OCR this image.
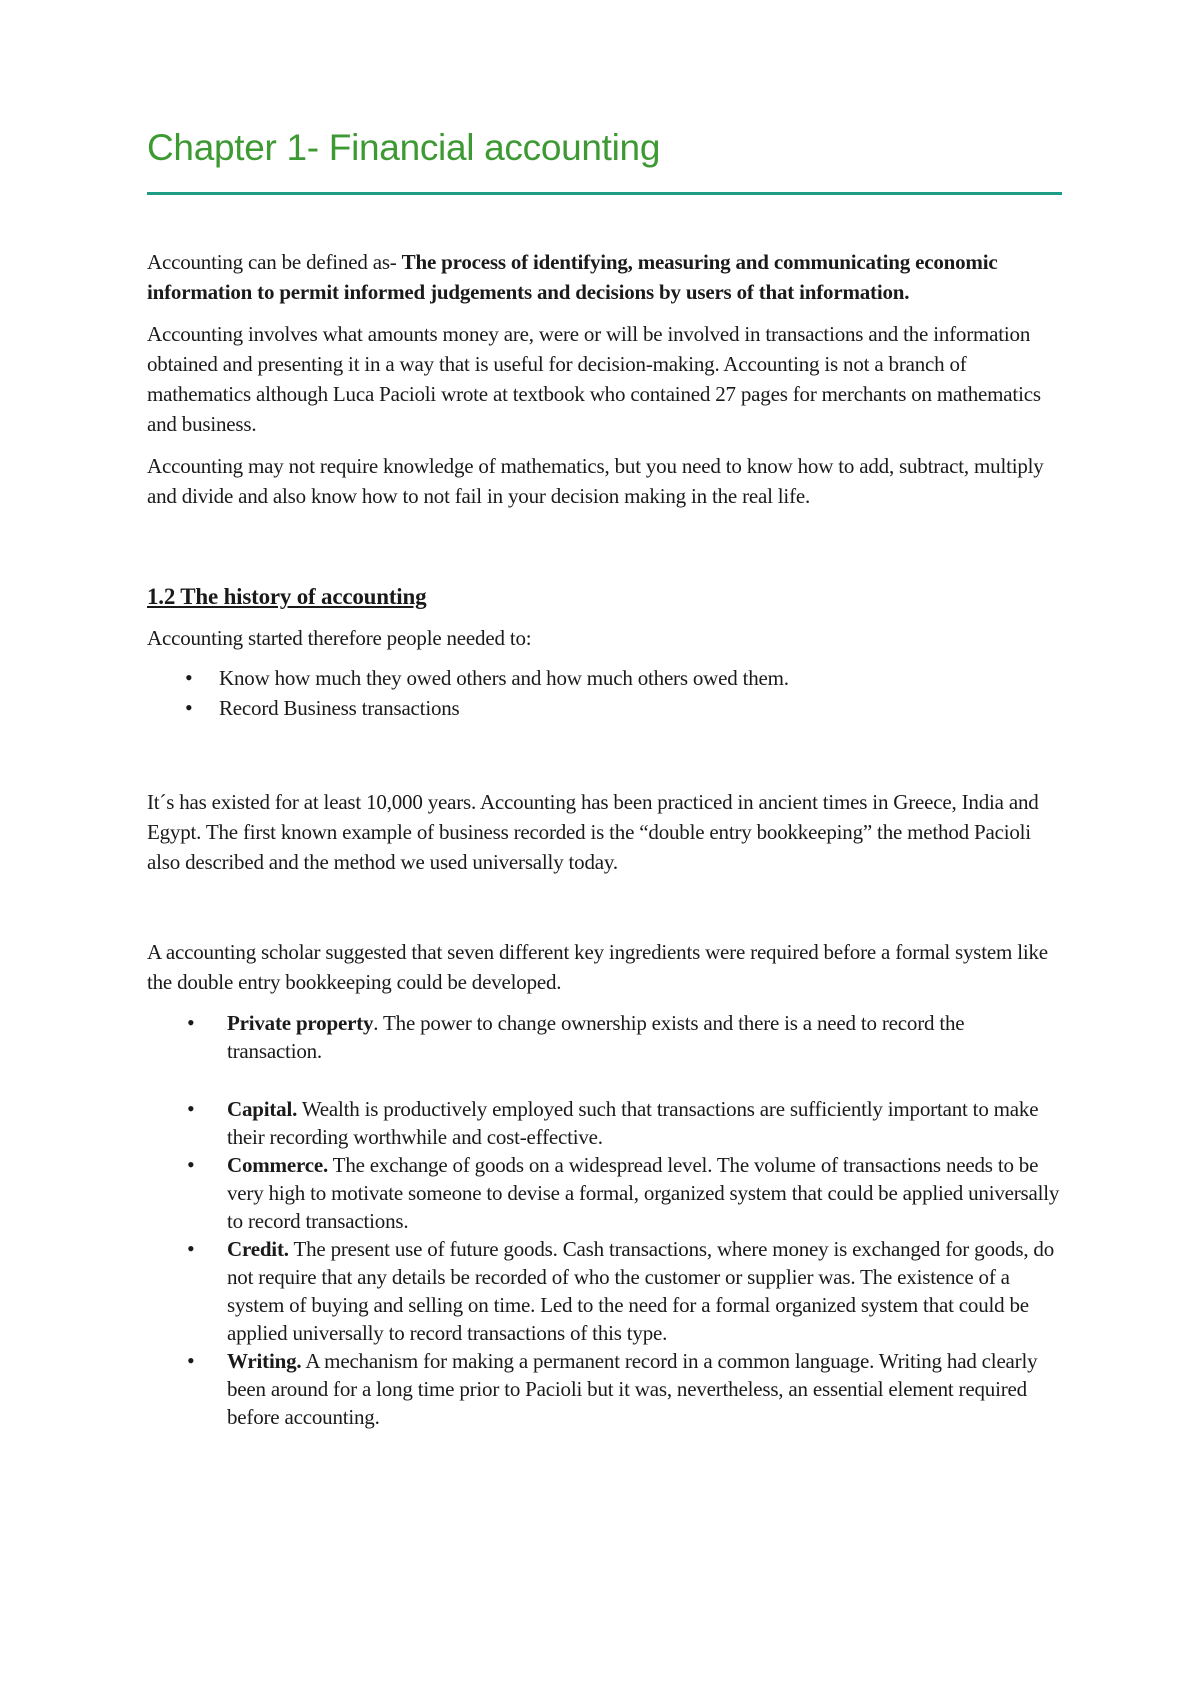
Chapter 1- Financial accounting

Accounting can be defined as- The process of identifying, measuring and communicating economic information to permit informed judgements and decisions by users of that information.

Accounting involves what amounts money are, were or will be involved in transactions and the information obtained and presenting it in a way that is useful for decision-making. Accounting is not a branch of mathematics although Luca Pacioli wrote at textbook who contained 27 pages for merchants on mathematics and business.

Accounting may not require knowledge of mathematics, but you need to know how to add, subtract, multiply and divide and also know how to not fail in your decision making in the real life.

1.2 The history of accounting

Accounting started therefore people needed to:

• Know how much they owed others and how much others owed them.
• Record Business transactions

It´s has existed for at least 10,000 years. Accounting has been practiced in ancient times in Greece, India and Egypt. The first known example of business recorded is the “double entry bookkeeping” the method Pacioli also described and the method we used universally today.

A accounting scholar suggested that seven different key ingredients were required before a formal system like the double entry bookkeeping could be developed.

• Private property. The power to change ownership exists and there is a need to record the transaction.
• Capital. Wealth is productively employed such that transactions are sufficiently important to make their recording worthwhile and cost-effective.
• Commerce. The exchange of goods on a widespread level. The volume of transactions needs to be very high to motivate someone to devise a formal, organized system that could be applied universally to record transactions.
• Credit. The present use of future goods. Cash transactions, where money is exchanged for goods, do not require that any details be recorded of who the customer or supplier was. The existence of a system of buying and selling on time. Led to the need for a formal organized system that could be applied universally to record transactions of this type.
• Writing. A mechanism for making a permanent record in a common language. Writing had clearly been around for a long time prior to Pacioli but it was, nevertheless, an essential element required before accounting.
